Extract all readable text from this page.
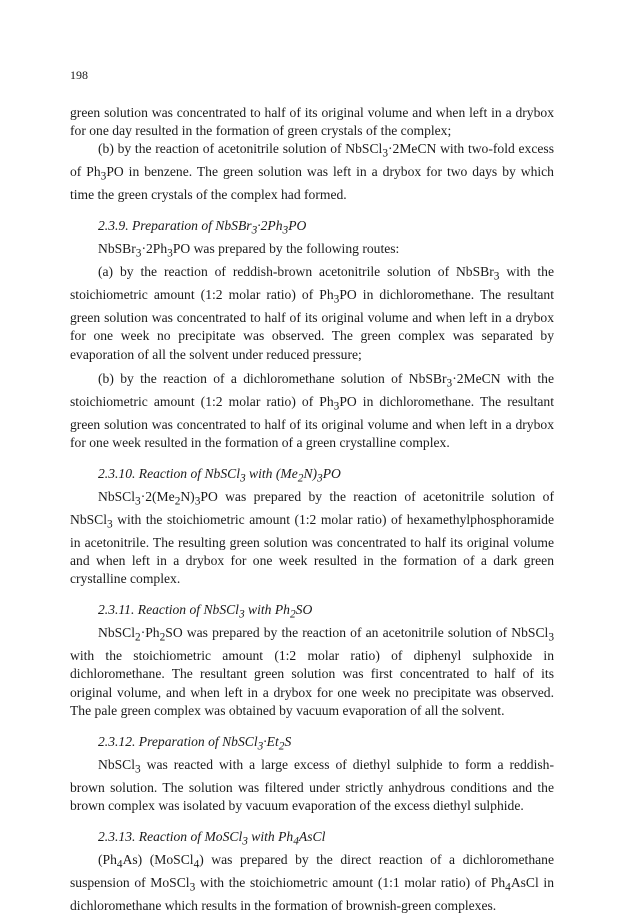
198

green solution was concentrated to half of its original volume and when left in a drybox for one day resulted in the formation of green crystals of the complex;

(b) by the reaction of acetonitrile solution of NbSCl$_3$·2MeCN with two-fold excess of $Ph_3PO$ in benzene. The green solution was left in a drybox for two days by which time the green crystals of the complex had formed.

2.3.9. Preparation of $NbSBr_3\cdot 2Ph_3PO$

$NbSBr_3\cdot 2Ph_3PO$ was prepared by the following routes:

(a) by the reaction of reddish-brown acetonitrile solution of NbSBr$_3$ with the stoichiometric amount (1:2 molar ratio) of $Ph_3PO$ in dichloromethane. The resultant green solution was concentrated to half of its original volume and when left in a drybox for one week no precipitate was observed. The green complex was separated by evaporation of all the solvent under reduced pressure;

(b) by the reaction of a dichloromethane solution of NbSBr$_3$·2MeCN with the stoichiometric amount (1:2 molar ratio) of $Ph_3PO$ in dichloromethane. The resultant green solution was concentrated to half of its original volume and when left in a drybox for one week resulted in the formation of a green crystalline complex.

2.3.10. Reaction of NbSCl$_3$ with $(Me_2N)_3PO$

$NbSCl_3\cdot 2(Me_2N)_3PO$ was prepared by the reaction of acetonitrile solution of NbSCl$_3$ with the stoichiometric amount (1:2 molar ratio) of hexamethylphosphoramide in acetonitrile. The resulting green solution was concentrated to half its original volume and when left in a drybox for one week resulted in the formation of a dark green crystalline complex.

2.3.11. Reaction of NbSCl$_3$ with $Ph_2SO$

$NbSCl_2\cdot Ph_2SO$ was prepared by the reaction of an acetonitrile solution of NbSCl$_3$ with the stoichiometric amount (1:2 molar ratio) of diphenyl sulphoxide in dichloromethane. The resultant green solution was first concentrated to half of its original volume, and when left in a drybox for one week no precipitate was observed. The pale green complex was obtained by vacuum evaporation of all the solvent.

2.3.12. Preparation of $NbSCl_3\cdot Et_2S$

NbSCl$_3$ was reacted with a large excess of diethyl sulphide to form a reddish-brown solution. The solution was filtered under strictly anhydrous conditions and the brown complex was isolated by vacuum evaporation of the excess diethyl sulphide.

2.3.13. Reaction of MoSCl$_3$ with $Ph_4AsCl$

$(Ph_4As)$ (MoSCl$_4$) was prepared by the direct reaction of a dichloromethane suspension of MoSCl$_3$ with the stoichiometric amount (1:1 molar ratio) of $Ph_4AsCl$ in dichloromethane which results in the formation of brownish-green complexes.
